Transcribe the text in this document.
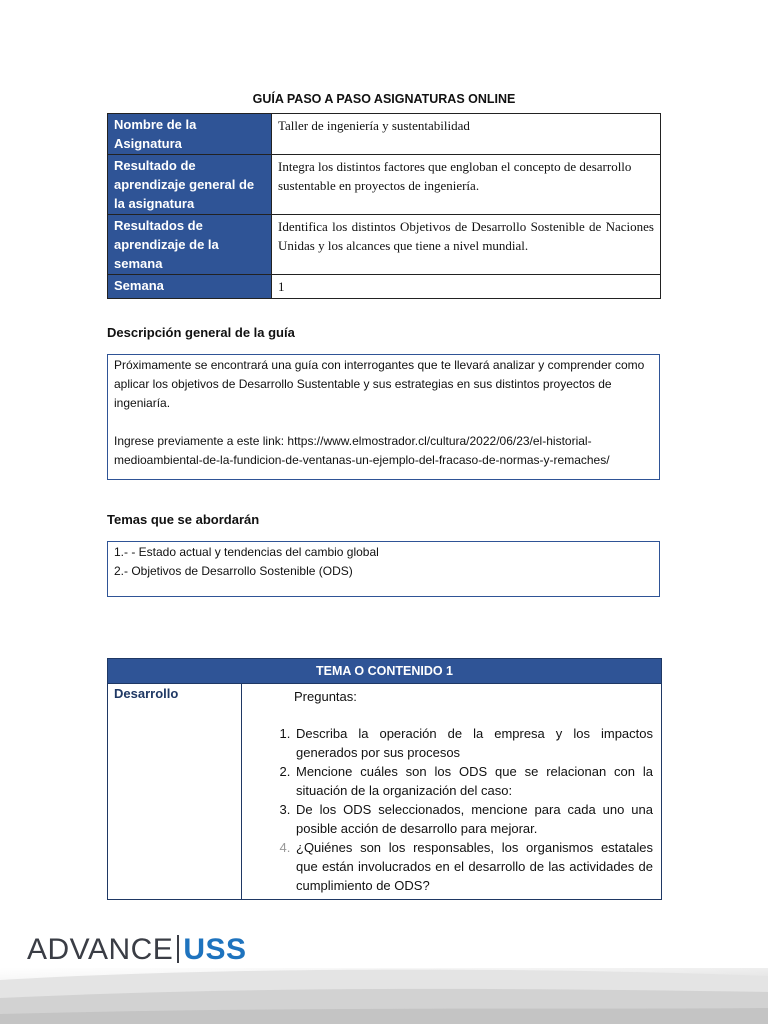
GUÍA PASO A PASO ASIGNATURAS ONLINE
Nombre de la Asignatura	Taller de ingeniería y sustentabilidad
Resultado de aprendizaje general de la asignatura	Integra los distintos factores que engloban el concepto de desarrollo sustentable en proyectos de ingeniería.
Resultados de aprendizaje de la semana	Identifica los distintos Objetivos de Desarrollo Sostenible de Naciones Unidas y los alcances que tiene a nivel mundial.
Semana	1
Descripción general de la guía

Próximamente se encontrará una guía con interrogantes que te llevará analizar y comprender como aplicar los objetivos de Desarrollo Sustentable y sus estrategias en sus distintos proyectos de ingeniaría.

Ingrese previamente a este link: https://www.elmostrador.cl/cultura/2022/06/23/el-historial-medioambiental-de-la-fundicion-de-ventanas-un-ejemplo-del-fracaso-de-normas-y-remaches/

Temas que se abordarán

1.- - Estado actual y tendencias del cambio global

2.- Objetivos de Desarrollo Sostenible (ODS)

TEMA O CONTENIDO 1
Desarrollo	Preguntas:
1. Describa la operación de la empresa y los impactos generados por sus procesos
2. Mencione cuáles son los ODS que se relacionan con la situación de la organización del caso:
3. De los ODS seleccionados, mencione para cada uno una posible acción de desarrollo para mejorar.
4. ¿Quiénes son los responsables, los organismos estatales que están involucrados en el desarrollo de las actividades de cumplimiento de ODS?
ADVANCE USS
